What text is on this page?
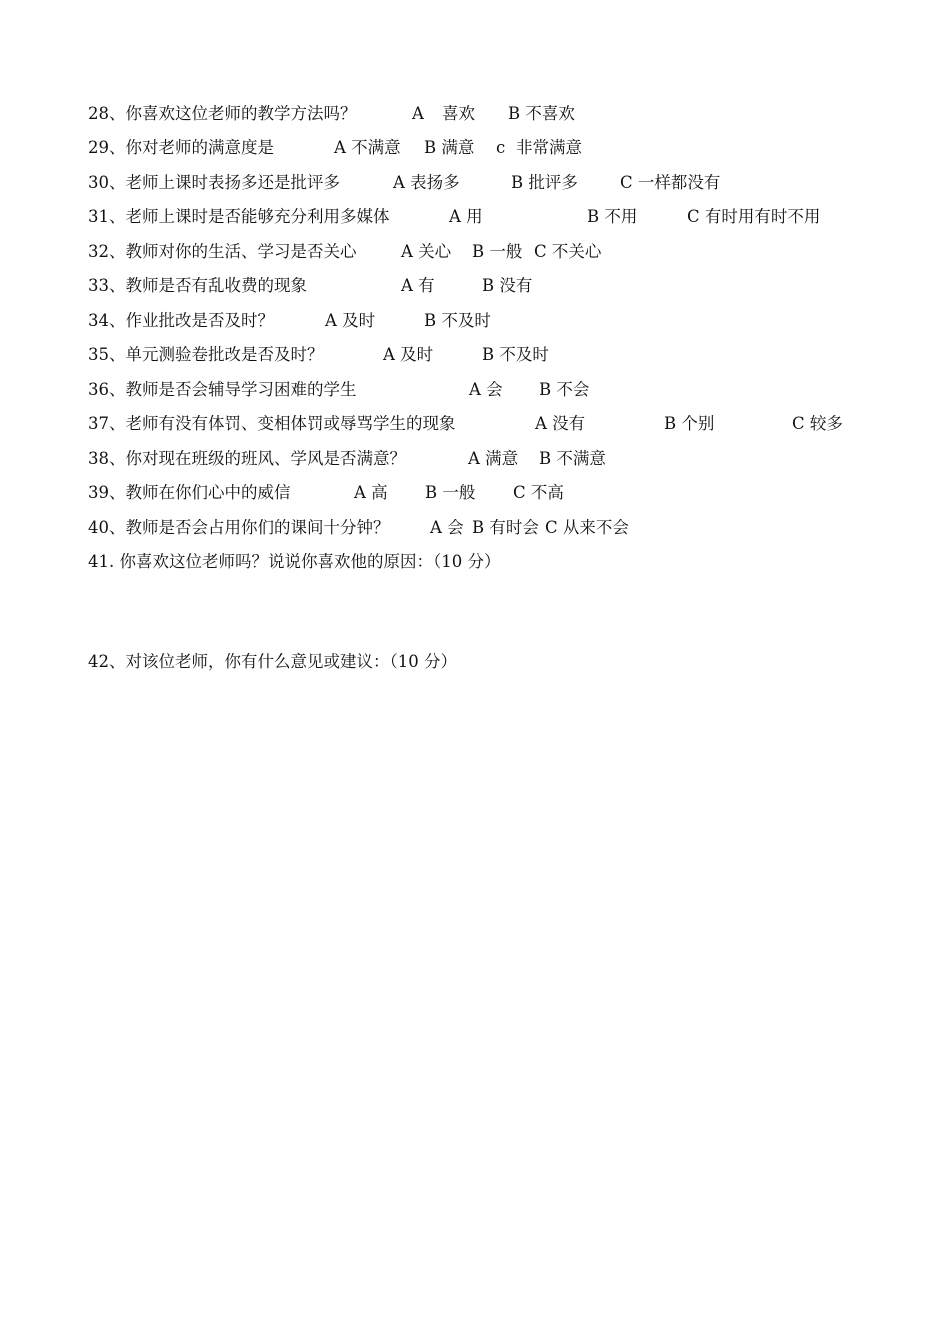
28、你喜欢这位老师的教学方法吗？	A 喜欢 B 不喜欢
29、你对老师的满意度是	A 不满意 B 满意 c 非常满意
30、老师上课时表扬多还是批评多	A 表扬多	B 批评多	C 一样都没有
31、老师上课时是否能够充分利用多媒体	A 用	B 不用	C 有时用有时不用
32、教师对你的生活、学习是否关心	A 关心 B 一般 C 不关心
33、教师是否有乱收费的现象	A 有	B 没有
34、作业批改是否及时？	A 及时	B 不及时
35、单元测验卷批改是否及时？	A 及时	B 不及时
36、教师是否会辅导学习困难的学生	A 会 B 不会
37、老师有没有体罚、变相体罚或辱骂学生的现象	A 没有	B 个别	C 较多
38、你对现在班级的班风、学风是否满意？	A 满意 B 不满意
39、教师在你们心中的威信	A 高 B 一般 C 不高
40、教师是否会占用你们的课间十分钟？ A 会 B 有时会 C 从来不会
41. 你喜欢这位老师吗？说说你喜欢他的原因：（10 分）
42、对该位老师，你有什么意见或建议：（10 分）
